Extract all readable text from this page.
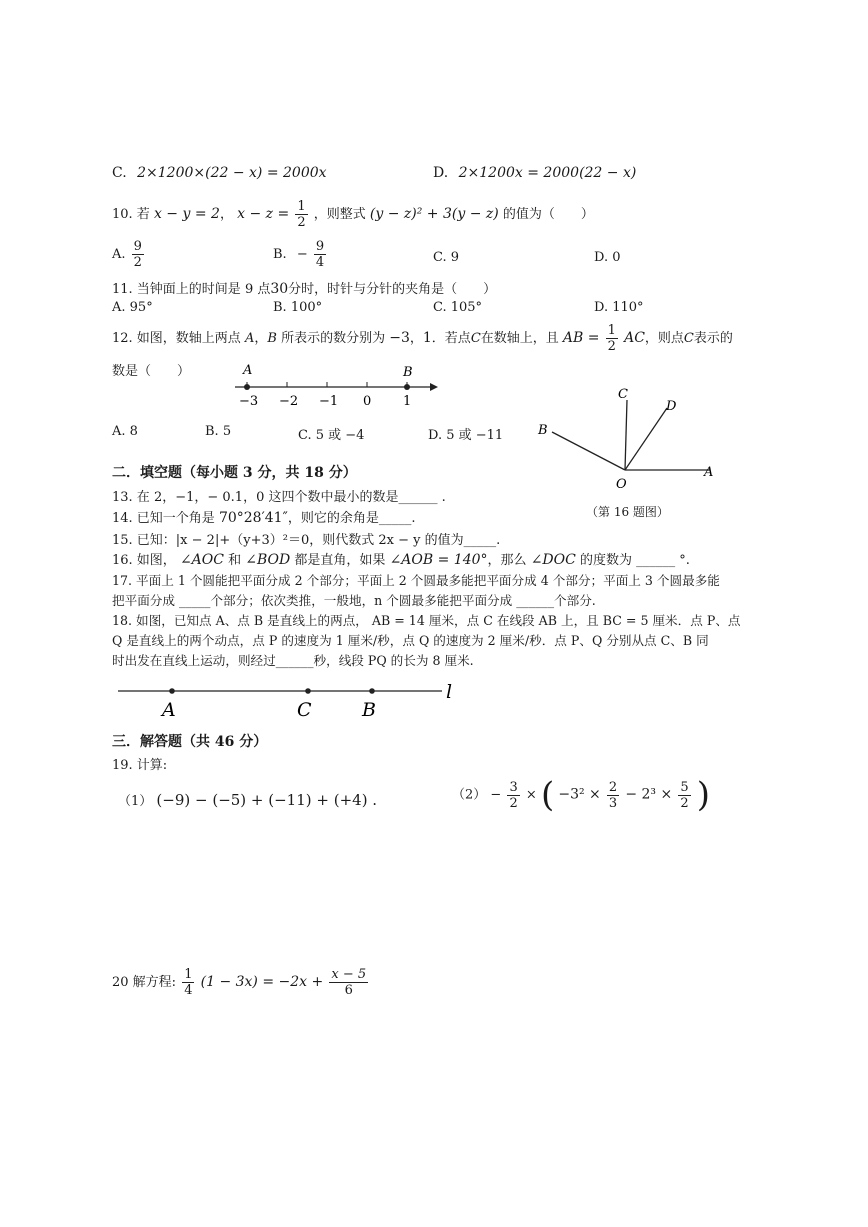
C. 2×1200×(22 − x) = 2000x	D. 2×1200x = 2000(22 − x)
10. 若 x − y = 2， $x - z = \frac{1}{2}$ ，则整式 (y − z)² + 3(y − z) 的值为（　　）
A. $\frac{9}{2}$	B. − $\frac{9}{4}$	C. 9	D. 0
11. 当钟面上的时间是 9 点30分时，时针与分针的夹角是（　　）
A. 95°	B. 100°	C. 105°	D. 110°
12. 如图，数轴上两点 A，B 所表示的数分别为 −3，1．若点C在数轴上，且 AB = $\frac{1}{2}$ AC，则点C表示的
数是（　　）	A	B
−3 −2 −1 0 1
A. 8	B. 5	C. 5 或 −4	D. 5 或 −11
C
D
B
A
O
（第 16 题图）
二．填空题（每小题 3 分，共 18 分）
13. 在 2，−1，− 0.1，0 这四个数中最小的数是______ .
14. 已知一个角是 70°28′41″，则它的余角是_____.
15. 已知：|x − 2|+（y+3）²＝0，则代数式 2x − y 的值为_____.
16. 如图， ∠AOC 和 ∠BOD 都是直角，如果 ∠AOB = 140°，那么 ∠DOC 的度数为 ______ °.
17. 平面上 1 个圆能把平面分成 2 个部分；平面上 2 个圆最多能把平面分成 4 个部分；平面上 3 个圆最多能
把平面分成 _____个部分；依次类推，一般地，n 个圆最多能把平面分成 ______个部分.
18. 如图，已知点 A、点 B 是直线上的两点， AB = 14 厘米，点 C 在线段 AB 上，且 BC = 5 厘米．点 P、点
Q 是直线上的两个动点，点 P 的速度为 1 厘米/秒，点 Q 的速度为 2 厘米/秒．点 P、Q 分别从点 C、B 同
时出发在直线上运动，则经过______秒，线段 PQ 的长为 8 厘米.
A	C	B
l
三．解答题（共 46 分）
19. 计算:
（1） (−9) − (−5) + (−11) + (+4) .	$(2) - \frac{3}{2}$ × ( $-3^2 \times \frac{2}{3} - 2^3 \times \frac{5}{2}$ )
20 解方程: $\frac{1}{4} (1 - 3x) = -2x + \frac{x - 5}{6}$
